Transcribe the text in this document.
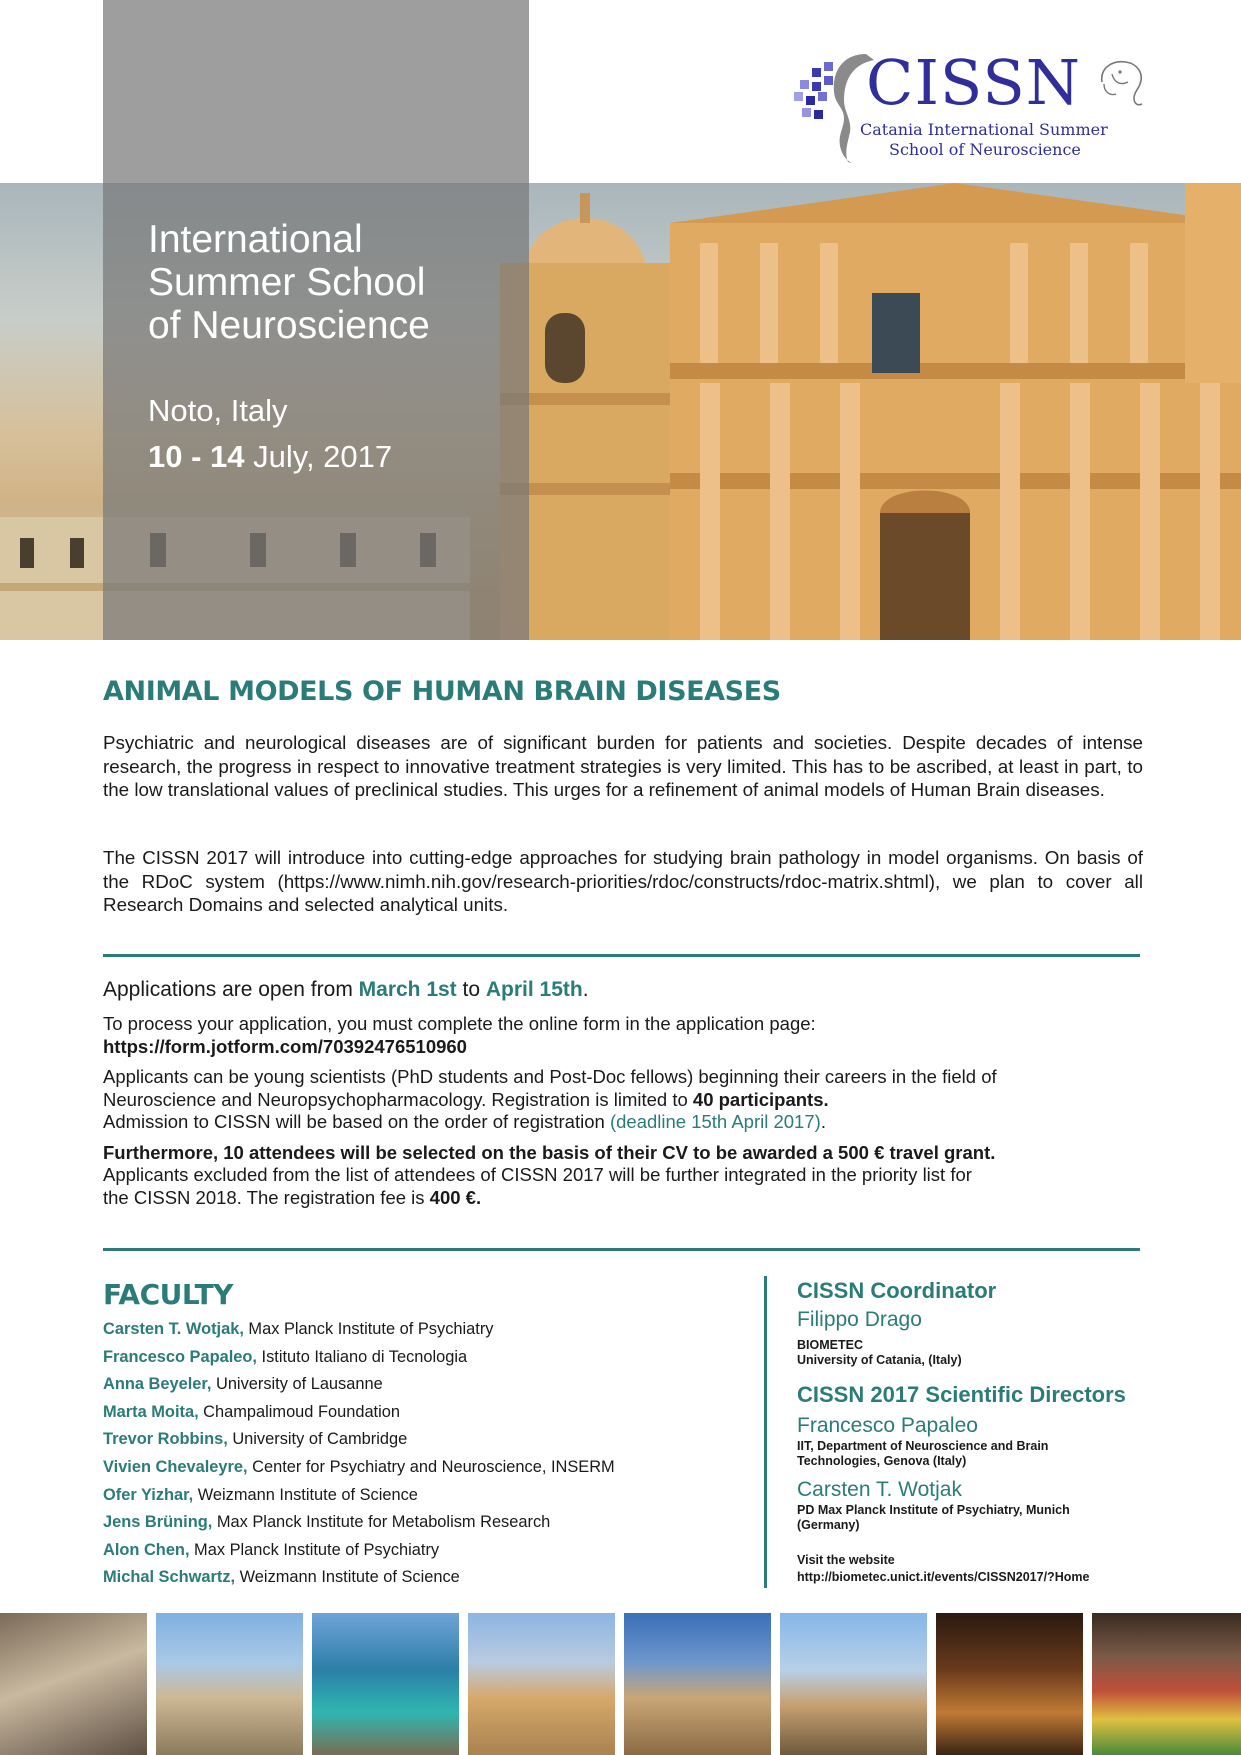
CISSN
Catania International Summer
School of Neuroscience
International
Summer School
of Neuroscience
Noto, Italy
10 - 14 July, 2017
ANIMAL MODELS OF HUMAN BRAIN DISEASES
Psychiatric and neurological diseases are of significant burden for patients and societies. Despite decades of intense research, the progress in respect to innovative treatment strategies is very limited. This has to be ascribed, at least in part, to the low translational values of preclinical studies. This urges for a refinement of animal models of Human Brain diseases.
The CISSN 2017 will introduce into cutting-edge approaches for studying brain pathology in model organisms. On basis of the RDoC system (https://www.nimh.nih.gov/research-priorities/rdoc/constructs/rdoc-matrix.shtml), we plan to cover all Research Domains and selected analytical units.
Applications are open from March 1st to April 15th.
To process your application, you must complete the online form in the application page:
https://form.jotform.com/70392476510960
Applicants can be young scientists (PhD students and Post-Doc fellows) beginning their careers in the field of
Neuroscience and Neuropsychopharmacology. Registration is limited to 40 participants.
Admission to CISSN will be based on the order of registration (deadline 15th April 2017).
Furthermore, 10 attendees will be selected on the basis of their CV to be awarded a 500 € travel grant.
Applicants excluded from the list of attendees of CISSN 2017 will be further integrated in the priority list for
the CISSN 2018. The registration fee is 400 €.
FACULTY
Carsten T. Wotjak, Max Planck Institute of Psychiatry
Francesco Papaleo, Istituto Italiano di Tecnologia
Anna Beyeler, University of Lausanne
Marta Moita, Champalimoud Foundation
Trevor Robbins, University of Cambridge
Vivien Chevaleyre, Center for Psychiatry and Neuroscience, INSERM
Ofer Yizhar, Weizmann Institute of Science
Jens Brüning, Max Planck Institute for Metabolism Research
Alon Chen, Max Planck Institute of Psychiatry
Michal Schwartz, Weizmann Institute of Science
CISSN Coordinator
Filippo Drago
BIOMETEC
University of Catania, (Italy)
CISSN 2017 Scientific Directors
Francesco Papaleo
IIT, Department of Neuroscience and Brain
Technologies, Genova (Italy)
Carsten T. Wotjak
PD Max Planck Institute of Psychiatry, Munich
(Germany)
Visit the website
http://biometec.unict.it/events/CISSN2017/?Home
